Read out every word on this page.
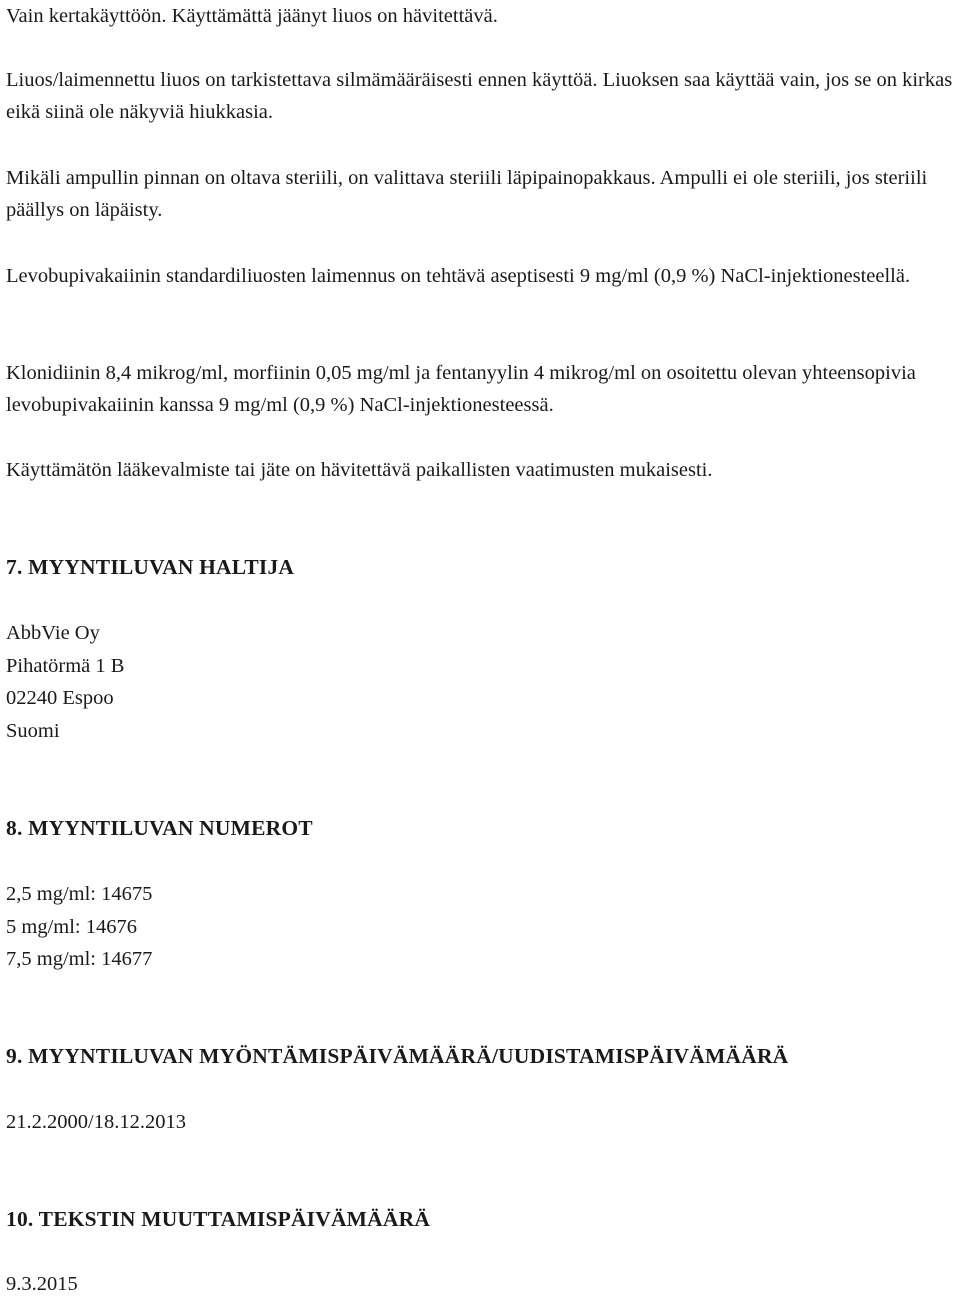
Vain kertakäyttöön. Käyttämättä jäänyt liuos on hävitettävä.

Liuos/laimennettu liuos on tarkistettava silmämääräisesti ennen käyttöä. Liuoksen saa käyttää vain, jos se on kirkas eikä siinä ole näkyviä hiukkasia.

Mikäli ampullin pinnan on oltava steriili, on valittava steriili läpipainopakkaus. Ampulli ei ole steriili, jos steriili päällys on läpäisty.

Levobupivakaiinin standardiliuosten laimennus on tehtävä aseptisesti 9 mg/ml (0,9 %) NaCl-injektionesteellä.

Klonidiinin 8,4 mikrog/ml, morfiinin 0,05 mg/ml ja fentanyylin 4 mikrog/ml on osoitettu olevan yhteensopivia levobupivakaiinin kanssa 9 mg/ml (0,9 %) NaCl-injektionesteessä.

Käyttämätön lääkevalmiste tai jäte on hävitettävä paikallisten vaatimusten mukaisesti.

7. MYYNTILUVAN HALTIJA

AbbVie Oy

Pihatörmä 1 B

02240 Espoo

Suomi

8. MYYNTILUVAN NUMEROT

2,5 mg/ml: 14675

5 mg/ml: 14676

7,5 mg/ml: 14677

9. MYYNTILUVAN MYÖNTÄMISPÄIVÄMÄÄRÄ/UUDISTAMISPÄIVÄMÄÄRÄ

21.2.2000/18.12.2013

10. TEKSTIN MUUTTAMISPÄIVÄMÄÄRÄ

9.3.2015
